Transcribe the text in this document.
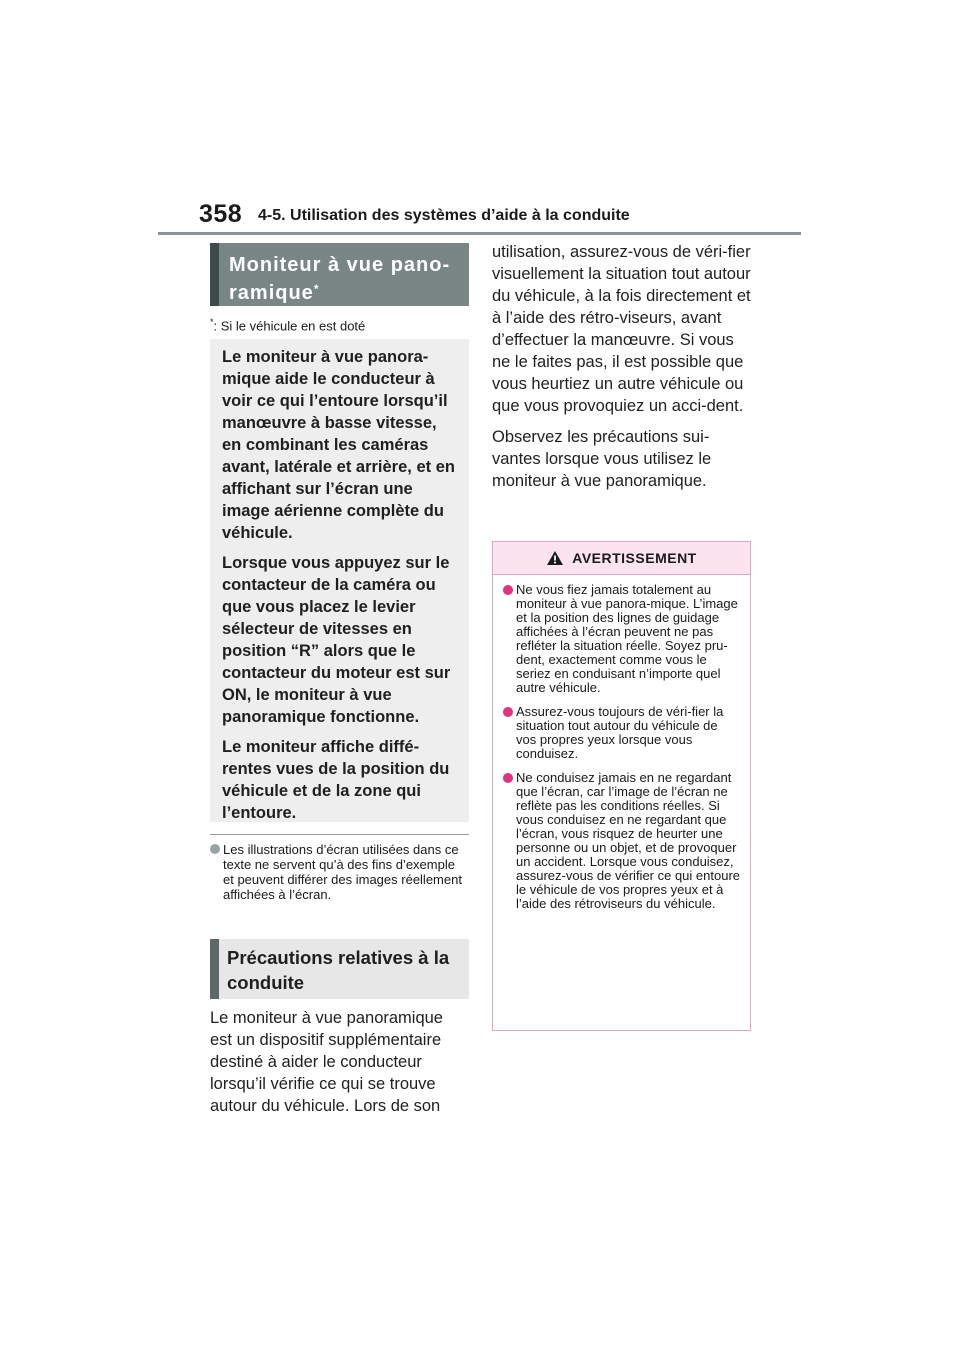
358 4-5. Utilisation des systèmes d’aide à la conduite
Moniteur à vue pano-
ramique*
*: Si le véhicule en est doté

Le moniteur à vue panora-mique aide le conducteur à voir ce qui l’entoure lorsqu’il manœuvre à basse vitesse, en combinant les caméras avant, latérale et arrière, et en affichant sur l’écran une image aérienne complète du véhicule.

Lorsque vous appuyez sur le contacteur de la caméra ou que vous placez le levier sélecteur de vitesses en position “R” alors que le contacteur du moteur est sur ON, le moniteur à vue panoramique fonctionne.

Le moniteur affiche diffé-rentes vues de la position du véhicule et de la zone qui l’entoure.

Les illustrations d’écran utilisées dans ce texte ne servent qu’à des fins d’exemple et peuvent différer des images réellement affichées à l’écran.
Précautions relatives à la conduite

Le moniteur à vue panoramique est un dispositif supplémentaire destiné à aider le conducteur lorsqu’il vérifie ce qui se trouve autour du véhicule. Lors de son

utilisation, assurez-vous de véri-fier visuellement la situation tout autour du véhicule, à la fois directement et à l’aide des rétro-viseurs, avant d’effectuer la manœuvre. Si vous ne le faites pas, il est possible que vous heurtiez un autre véhicule ou que vous provoquiez un acci-dent.

Observez les précautions sui-vantes lorsque vous utilisez le moniteur à vue panoramique.

AVERTISSEMENT
Ne vous fiez jamais totalement au moniteur à vue panora-mique. L’image et la position des lignes de guidage affichées à l’écran peuvent ne pas refléter la situation réelle. Soyez pru-dent, exactement comme vous le seriez en conduisant n’importe quel autre véhicule.
Assurez-vous toujours de véri-fier la situation tout autour du véhicule de vos propres yeux lorsque vous conduisez.
Ne conduisez jamais en ne regardant que l’écran, car l’image de l’écran ne reflète pas les conditions réelles. Si vous conduisez en ne regardant que l’écran, vous risquez de heurter une personne ou un objet, et de provoquer un accident. Lorsque vous conduisez, assurez-vous de vérifier ce qui entoure le véhicule de vos propres yeux et à l’aide des rétroviseurs du véhicule.
